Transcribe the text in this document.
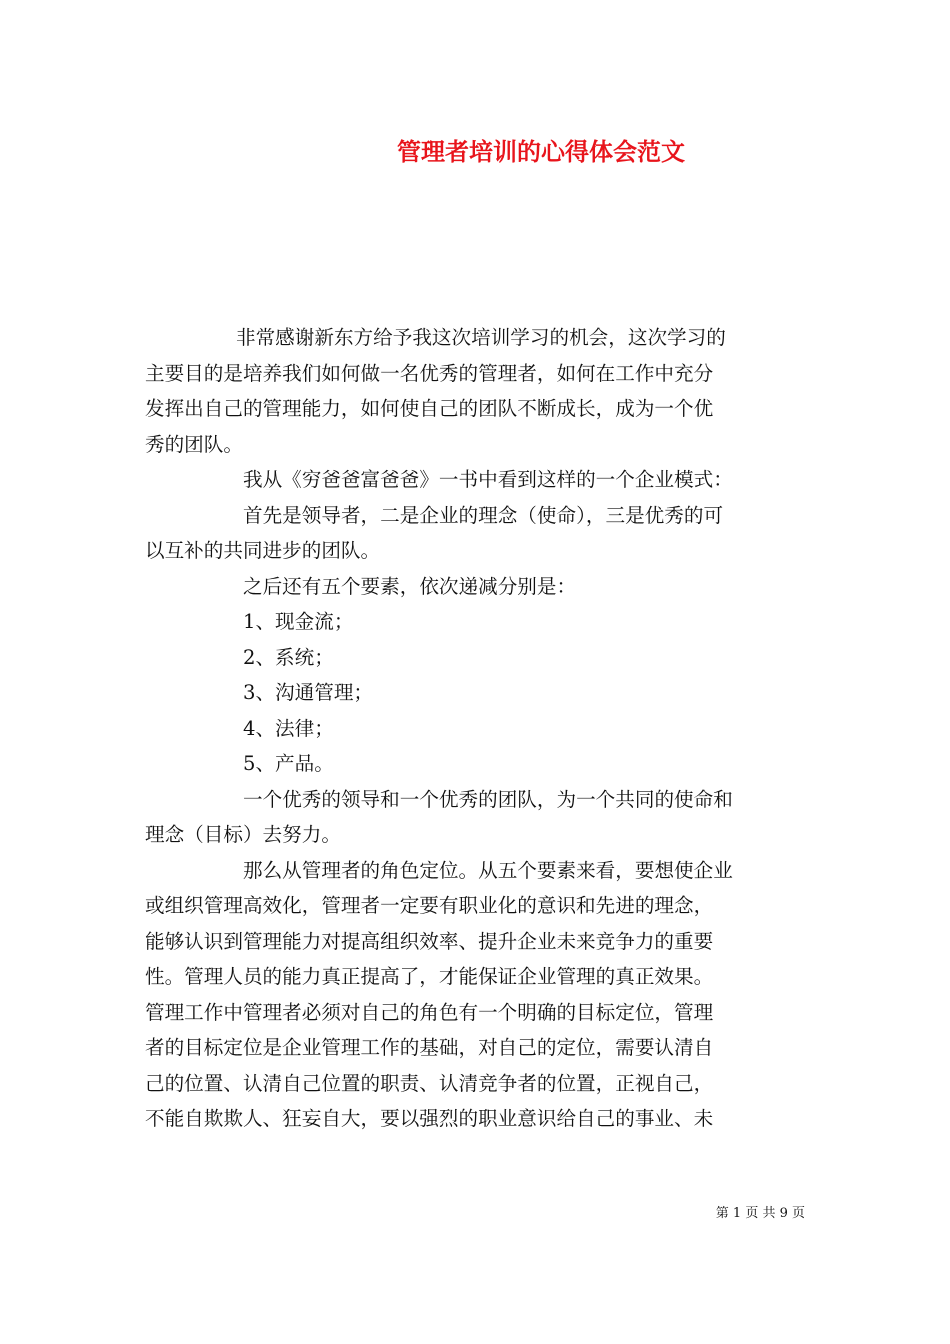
管理者培训的心得体会范文
非常感谢新东方给予我这次培训学习的机会，这次学习的
主要目的是培养我们如何做一名优秀的管理者，如何在工作中充分
发挥出自己的管理能力，如何使自己的团队不断成长，成为一个优
秀的团队。
我从《穷爸爸富爸爸》一书中看到这样的一个企业模式：
首先是领导者，二是企业的理念（使命），三是优秀的可
以互补的共同进步的团队。
之后还有五个要素，依次递减分别是：
1、现金流；
2、系统；
3、沟通管理；
4、法律；
5、产品。
一个优秀的领导和一个优秀的团队，为一个共同的使命和
理念（目标）去努力。
那么从管理者的角色定位。从五个要素来看，要想使企业
或组织管理高效化，管理者一定要有职业化的意识和先进的理念，
能够认识到管理能力对提高组织效率、提升企业未来竞争力的重要
性。管理人员的能力真正提高了，才能保证企业管理的真正效果。
管理工作中管理者必须对自己的角色有一个明确的目标定位，管理
者的目标定位是企业管理工作的基础，对自己的定位，需要认清自
己的位置、认清自己位置的职责、认清竞争者的位置，正视自己，
不能自欺欺人、狂妄自大，要以强烈的职业意识给自己的事业、未
第 1 页 共 9 页
